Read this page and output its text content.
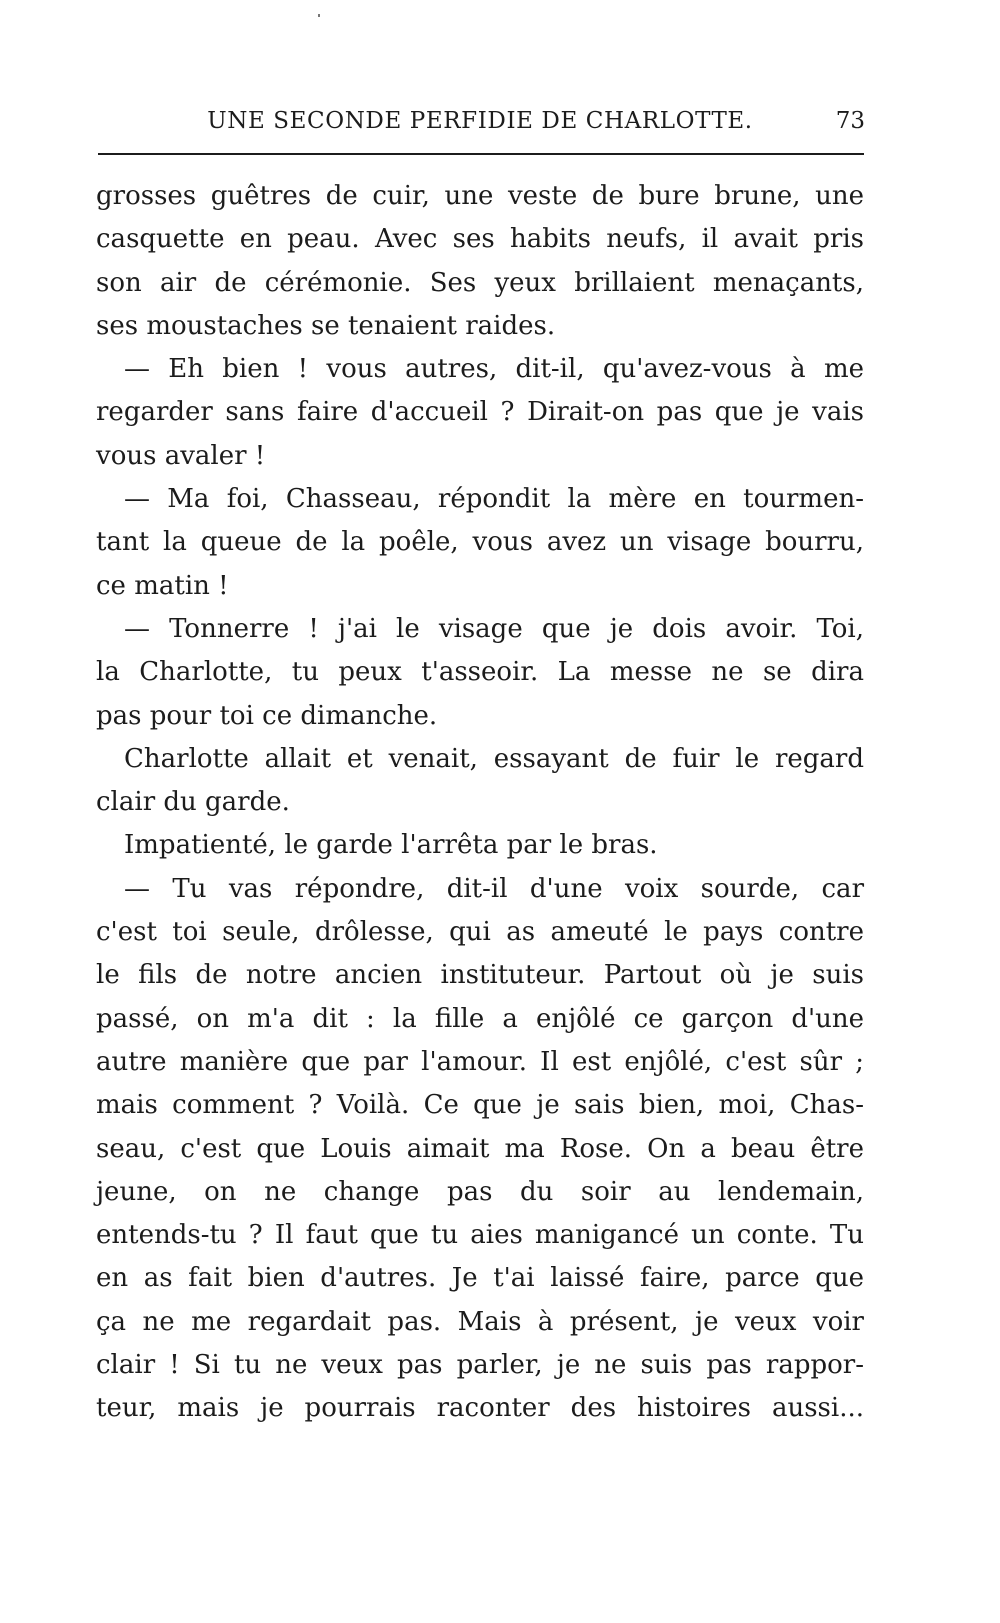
UNE SECONDE PERFIDIE DE CHARLOTTE.	73
grosses guêtres de cuir, une veste de bure brune, une
casquette en peau. Avec ses habits neufs, il avait pris
son air de cérémonie. Ses yeux brillaient menaçants,
ses moustaches se tenaient raides.
— Eh bien ! vous autres, dit-il, qu'avez-vous à me
regarder sans faire d'accueil ? Dirait-on pas que je vais
vous avaler !
— Ma foi, Chasseau, répondit la mère en tourmen-
tant la queue de la poêle, vous avez un visage bourru,
ce matin !
— Tonnerre ! j'ai le visage que je dois avoir. Toi,
la Charlotte, tu peux t'asseoir. La messe ne se dira
pas pour toi ce dimanche.
Charlotte allait et venait, essayant de fuir le regard
clair du garde.
Impatienté, le garde l'arrêta par le bras.
— Tu vas répondre, dit-il d'une voix sourde, car
c'est toi seule, drôlesse, qui as ameuté le pays contre
le fils de notre ancien instituteur. Partout où je suis
passé, on m'a dit : la fille a enjôlé ce garçon d'une
autre manière que par l'amour. Il est enjôlé, c'est sûr ;
mais comment ? Voilà. Ce que je sais bien, moi, Chas-
seau, c'est que Louis aimait ma Rose. On a beau être
jeune, on ne change pas du soir au lendemain,
entends-tu ? Il faut que tu aies manigancé un conte. Tu
en as fait bien d'autres. Je t'ai laissé faire, parce que
ça ne me regardait pas. Mais à présent, je veux voir
clair ! Si tu ne veux pas parler, je ne suis pas rappor-
teur, mais je pourrais raconter des histoires aussi...
